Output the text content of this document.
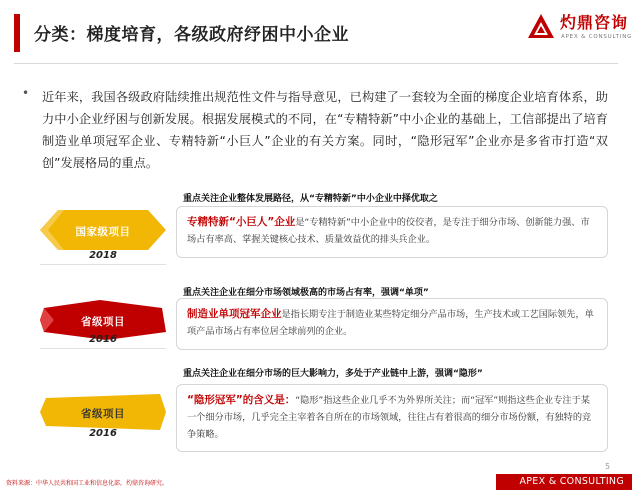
分类：梯度培育，各级政府纾困中小企业
灼鼎咨询
APEX & CONSULTING
• 近年来，我国各级政府陆续推出规范性文件与指导意见，已构建了一套较为全面的梯度企业培育体系，助力中小企业纾困与创新发展。根据发展模式的不同，在“专精特新”中小企业的基础上，工信部提出了培育制造业单项冠军企业、专精特新“小巨人”企业的有关方案。同时，“隐形冠军”企业亦是多省市打造“双创”发展格局的重点。

重点关注企业整体发展路径，从“专精特新”中小企业中择优取之
国家级项目
2018
专精特新“小巨人”企业是“专精特新”中小企业中的佼佼者，是专注于细分市场、创新能力强、市场占有率高、掌握关键核心技术、质量效益优的排头兵企业。
重点关注企业在细分市场领域极高的市场占有率，强调“单项”
省级项目
2016
制造业单项冠军企业是指长期专注于制造业某些特定细分产品市场，生产技术或工艺国际领先，单项产品市场占有率位居全球前列的企业。
重点关注企业在细分市场的巨大影响力，多处于产业链中上游，强调“隐形”
省级项目
2016
“隐形冠军”的含义是：“隐形”指这些企业几乎不为外界所关注；而“冠军”则指这些企业专注于某一个细分市场，几乎完全主宰着各自所在的市场领域，往往占有着很高的细分市场份额，有独特的竞争策略。
5
资料来源：中华人民共和国工业和信息化部，灼鼎咨询研究。	APEX & CONSULTING
